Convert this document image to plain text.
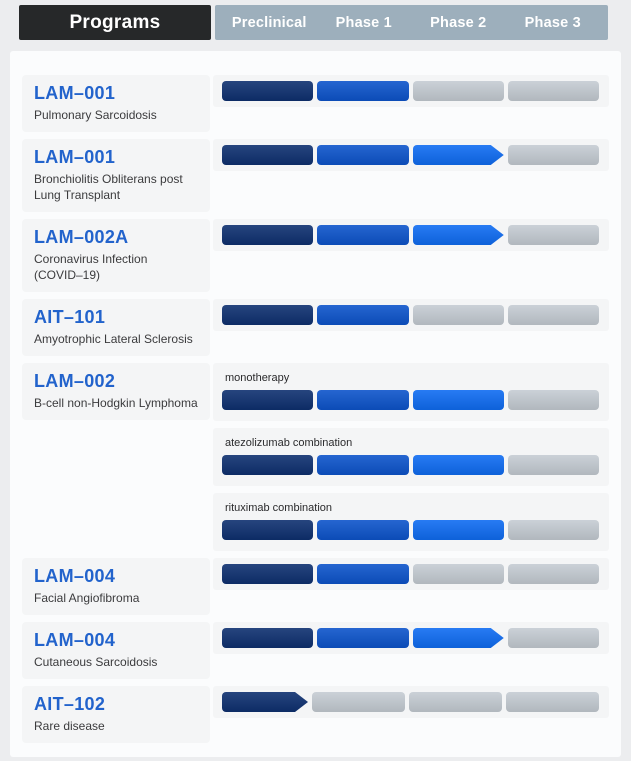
Programs	Preclinical	Phase 1	Phase 2	Phase 3
LAM–001
Pulmonary Sarcoidosis
LAM–001
Bronchiolitis Obliterans post Lung Transplant
LAM–002A
Coronavirus Infection (COVID–19)
AIT–101
Amyotrophic Lateral Sclerosis
LAM–002
B-cell non-Hodgkin Lymphoma
monotherapy
atezolizumab combination
rituximab combination
LAM–004
Facial Angiofibroma
LAM–004
Cutaneous Sarcoidosis
AIT–102
Rare disease
